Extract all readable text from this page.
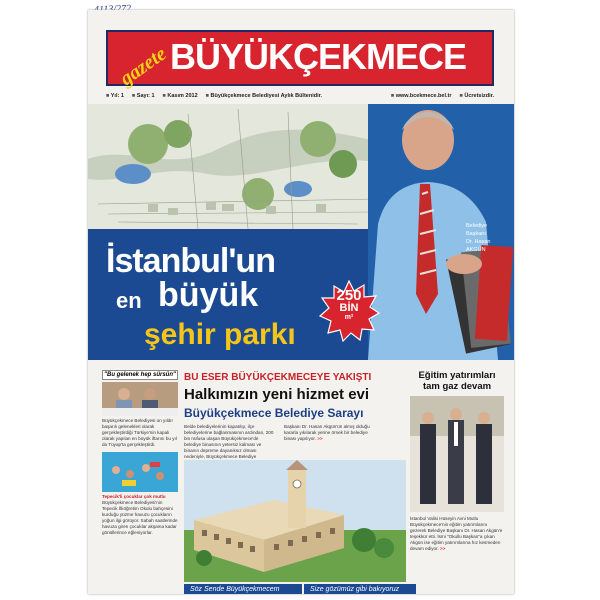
gazete BÜYÜKÇEKMECE
■ Yıl: 1	■ Sayı: 1	■ Kasım 2012	■ Büyükçekmece Belediyesi Aylık Bültenidir.	■ www.bcekmece.bel.tr	■ Ücretsizdir.
Belediye
Başkanı
Dr. Hasan
AKGÜN
İstanbul'un
en büyük
şehir parkı
250
BİN
m²
"Bu gelenek hep sürsün"
Büyükçekmece Belediyesi on yıldır başarılı gelenekleri olarak gerçekleştirdiği Türkiye'nin kapalı olarak yapılan en büyük iftarını bu yıl da Tüyap'ta gerçekleştirdi.
Tepecik'li çocuklar çok mutlu
Büyükçekmece Belediyesi'nin Tepecik İlköğretim Okulu bahçesini kurduğu yüzme havuzu çocukların yoğun ilgi görüyor. Sabah saatlerinde havuza giren çocuklar akşama kadar gönüllerince eğleniyorlar.
BU ESER BÜYÜKÇEKMECEYE YAKIŞTI
Halkımızın yeni hizmet evi
Büyükçekmece Belediye Sarayı
Belde belediyelerinin kapatılıp, ilçe belediyelerine bağlanmasının ardından, 200 bin nüfusa ulaşan Büyükçekmece'de belediye binasının yetersiz kalması ve binanın depreme dayanıksız olması nedeniyle, Büyükçekmece Belediye
Başkanı Dr. Hasan Akgün'ün almış olduğu kararla yıkılarak yerine örnek bir belediye binası yapılıyor. >>
Eğitim yatırımları tam gaz devam
İstanbul Valisi Hüseyin Avni Mutlu Büyükçekmece'nin eğitim yatırımlarını gezerek Belediye Başkanı Dr. Hasan Akgün'e teşekkür etti. İsmi "Okullu Başkan"a çıkan Akgün ise eğitim yatırımlarına hız kesmeden devam ediyor. >>
Söz Sende Büyükçekmecem	Size gözümüz gibi bakıyoruz
